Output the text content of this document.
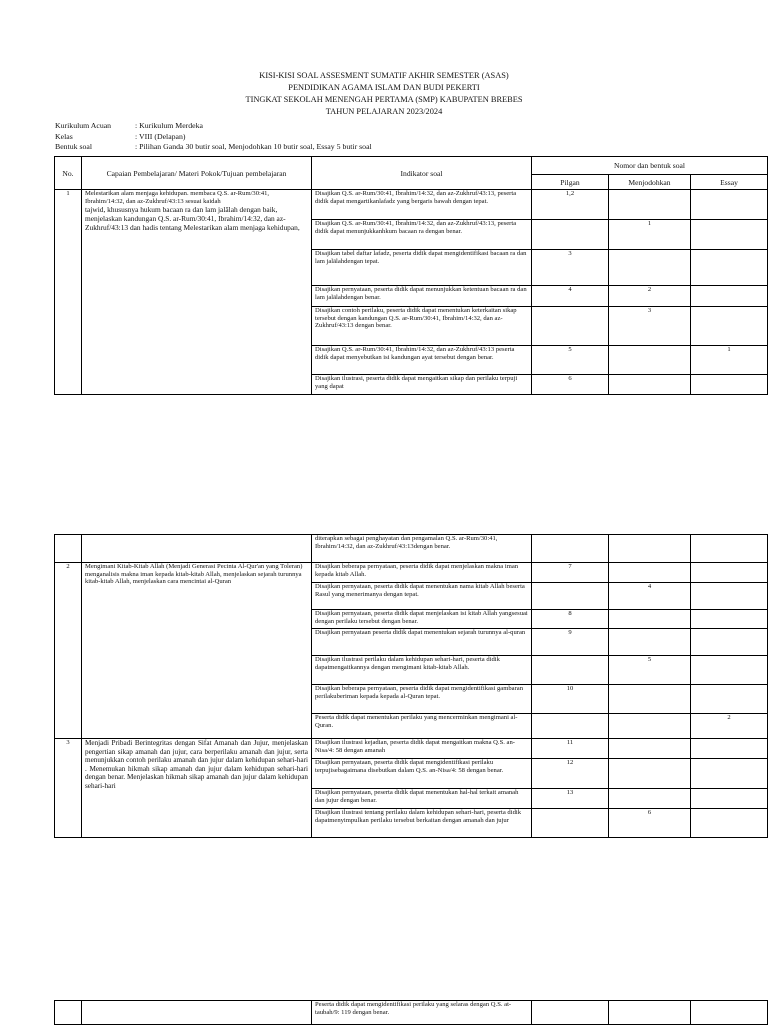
KISI-KISI SOAL ASSESMENT SUMATIF AKHIR SEMESTER (ASAS)
PENDIDIKAN AGAMA ISLAM DAN BUDI PEKERTI
TINGKAT SEKOLAH MENENGAH PERTAMA (SMP) KABUPATEN BREBES
TAHUN PELAJARAN 2023/2024
Kurikulum Acuan	: Kurikulum Merdeka
Kelas	: VIII (Delapan)
Bentuk soal	: Pilihan Ganda 30 butir soal, Menjodohkan 10 butir soal, Essay 5 butir soal
No.	Capaian Pembelajaran/ Materi Pokok/Tujuan pembelajaran	Indikator soal	Nomor dan bentuk soal		
			Pilgan	Menjodohkan	Essay
1	Melestarikan alam menjaga kehidupan. membaca Q.S. ar-Rum/30:41, Ibrahim/14:32, dan az-Zukhruf/43:13 sesuai kaidah
tajwid, khususnya hukum bacaan ra dan lam jalālah dengan baik, menjelaskan kandungan Q.S. ar-Rum/30:41, Ibrahim/14:32, dan az-Zukhruf/43:13 dan hadis tentang Melestarikan alam menjaga kehidupan,	Disajikan Q.S. ar-Rum/30:41, Ibrahim/14:32, dan az-Zukhruf/43:13, peserta didik dapat mengartikanlafadz yang bergaris bawah dengan tepat.	1,2		
		Disajikan Q.S. ar-Rum/30:41, Ibrahim/14:32, dan az-Zukhruf/43:13, peserta didik dapat menunjukkanhkum bacaan ra dengan benar.		1	
		Disajikan tabel daftar lafadz, peserta didik dapat mengidentifikasi bacaan ra dan lam jalālahdengan tepat.	3		
		Disajikan pernyataan, peserta didik dapat menunjukkan ketentuan bacaan ra dan lam jalālahdengan benar.	4	2	
		Disajikan contoh perilaku, peserta didik dapat menentukan keterkaitan sikap tersebut dengan kandungan Q.S. ar-Rum/30:41, Ibrahim/14:32, dan az-Zukhruf/43:13 dengan benar.		3	
		Disajikan Q.S. ar-Rum/30:41, Ibrahim/14:32, dan az-Zukhruf/43:13 peserta didik dapat menyebutkan isi kandungan ayat tersebut dengan benar.	5		1
		Disajikan ilustrasi, peserta didik dapat mengaitkan sikap dan perilaku terpuji yang dapat	6		
		diterapkan sebagai penghayatan dan pengamalan Q.S. ar-Rum/30:41, Ibrahim/14:32, dan az-Zukhruf/43:13dengan benar.			
2	Mengimani Kitab-Kitab Allah (Menjadi Generasi Pecinta Al-Qur'an yang Toleran) menganalisis makna iman kepada kitab-kitab Allah, menjelaskan sejarah turunnya kitab-kitab Allah, menjelaskan cara mencintai al-Quran	Disajikan beberapa pernyataan, peserta didik dapat menjelaskan makna iman kepada kitab Allah.	7		
		Disajikan pernyataan, peserta didik dapat menentukan nama kitab Allah beserta Rasul yang menerimanya dengan tepat.		4	
		Disajikan pernyataan, peserta didik dapat menjelaskan isi kitab Allah yangsesuai dengan perilaku tersebut dengan benar.	8		
		Disajikan pernyataan peserta didik dapat menentukan sejarah turunnya al-quran	9		
		Disajikan ilustrasi perilaku dalam kehidupan sehari-hari, peserta didik dapatmengaitkannya dengan mengimani kitab-kitab Allah.		5	
		Disajikan beberapa pernyataan, peserta didik dapat mengidentifikasi gambaran perilakuberiman kepada kepada al-Quran tepat.	10		
		Peserta didik dapat menentukan perilaku yang mencerminkan mengimani al-Quran.			2
3	Menjadi Pribadi Berintegritas dengan Sifat Amanah dan Jujur, menjelaskan pengertian sikap amanah dan jujur, cara berperilaku amanah dan jujur, serta menunjukkan contoh perilaku amanah dan jujur dalam kehidupan sehari-hari . Menemukan hikmah sikap amanah dan jujur dalam kehidupan sehari-hari dengan benar. Menjelaskan hikmah sikap amanah dan jujur dalam kehidupan sehari-hari	Disajikan ilustrasi kejadian, peserta didik dapat mengaitkan makna Q.S. an-Nisa/4: 58 dengan amanah	11		
		Disajikan pernyataan, peserta didik dapat mengidentifikasi perilaku terpujisebagaimana disebutkan dalam Q.S. an-Nisa/4: 58 dengan benar.	12		
		Disajikan pernyataan, peserta didik dapat menentukan hal-hal terkait amanah dan jujur dengan benar.	13		
		Disajikan ilustrasi tentang perilaku dalam kehidupan sehari-hari, peserta didik dapatmenyimpulkan perilaku tersebut berkaitan dengan amanah dan jujur		6	
		Peserta didik dapat mengidentifikasi perilaku yang selaras dengan Q.S. at-taubah/9: 119 dengan benar.			
